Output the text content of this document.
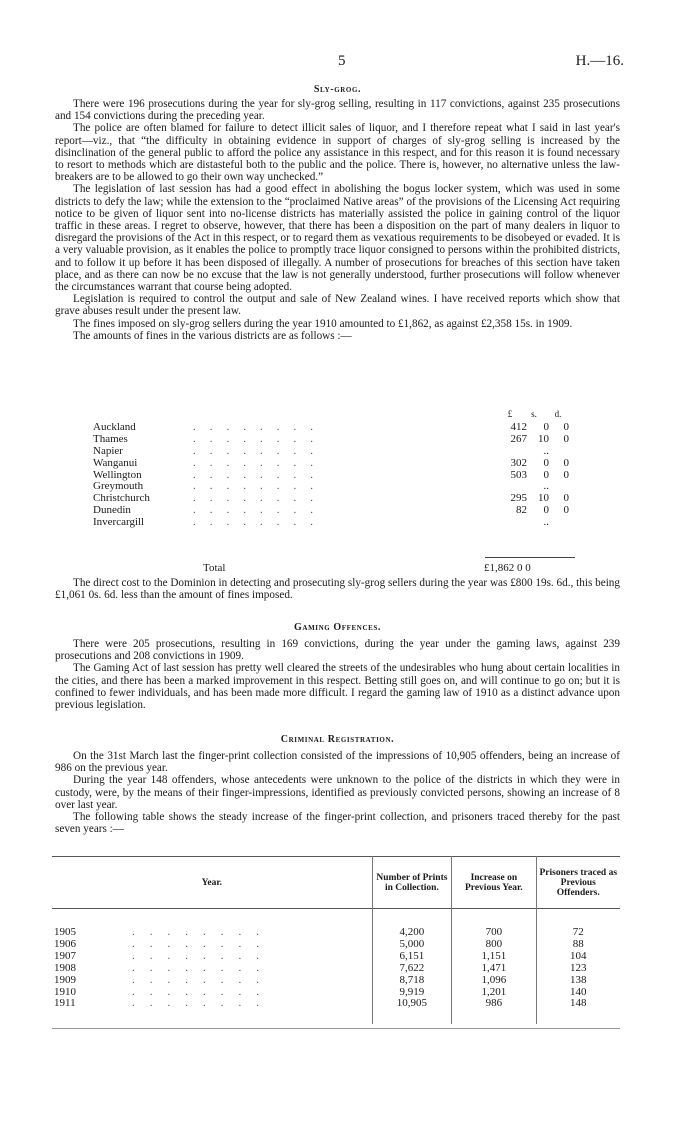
5	H.—16.
Sly-grog.

There were 196 prosecutions during the year for sly-grog selling, resulting in 117 convictions, against 235 prosecutions and 154 convictions during the preceding year.

The police are often blamed for failure to detect illicit sales of liquor, and I therefore repeat what I said in last year's report—viz., that “the difficulty in obtaining evidence in support of charges of sly-grog selling is increased by the disinclination of the general public to afford the police any assistance in this respect, and for this reason it is found necessary to resort to methods which are distasteful both to the public and the police. There is, however, no alternative unless the law-breakers are to be allowed to go their own way unchecked.”

The legislation of last session has had a good effect in abolishing the bogus locker system, which was used in some districts to defy the law; while the extension to the “proclaimed Native areas” of the provisions of the Licensing Act requiring notice to be given of liquor sent into no-license districts has materially assisted the police in gaining control of the liquor traffic in these areas. I regret to observe, however, that there has been a disposition on the part of many dealers in liquor to disregard the provisions of the Act in this respect, or to regard them as vexatious requirements to be disobeyed or evaded. It is a very valuable provision, as it enables the police to promptly trace liquor consigned to persons within the prohibited districts, and to follow it up before it has been disposed of illegally. A number of prosecutions for breaches of this section have taken place, and as there can now be no excuse that the law is not generally understood, further prosecutions will follow whenever the circumstances warrant that course being adopted.

Legislation is required to control the output and sale of New Zealand wines. I have received reports which show that grave abuses result under the present law.

The fines imposed on sly-grog sellers during the year 1910 amounted to £1,862, as against £2,358 15s. in 1909.

The amounts of fines in the various districts are as follows :—

£ s. d.
Auckland	........	412	0	0
Thames	........	267	10	0
Napier	........	..
Wanganui	........	302	0	0
Wellington	........	503	0	0
Greymouth	........	..
Christchurch	........	295	10	0
Dunedin	........	82	0	0
Invercargill	........	..
Total	£1,862 0 0

The direct cost to the Dominion in detecting and prosecuting sly-grog sellers during the year was £800 19s. 6d., this being £1,061 0s. 6d. less than the amount of fines imposed.

Gaming Offences.

There were 205 prosecutions, resulting in 169 convictions, during the year under the gaming laws, against 239 prosecutions and 208 convictions in 1909.

The Gaming Act of last session has pretty well cleared the streets of the undesirables who hung about certain localities in the cities, and there has been a marked improvement in this respect. Betting still goes on, and will continue to go on; but it is confined to fewer individuals, and has been made more difficult. I regard the gaming law of 1910 as a distinct advance upon previous legislation.

Criminal Registration.

On the 31st March last the finger-print collection consisted of the impressions of 10,905 offenders, being an increase of 986 on the previous year.

During the year 148 offenders, whose antecedents were unknown to the police of the districts in which they were in custody, were, by the means of their finger-impressions, identified as previously convicted persons, showing an increase of 8 over last year.

The following table shows the steady increase of the finger-print collection, and prisoners traced thereby for the past seven years :—

Year.	Number of Prints in Collection.	Increase on Previous Year.	Prisoners traced as Previous Offenders.
1905 ........	4,200	700	72
1906 ........	5,000	800	88
1907 ........	6,151	1,151	104
1908 ........	7,622	1,471	123
1909 ........	8,718	1,096	138
1910 ........	9,919	1,201	140
1911 ........	10,905	986	148
